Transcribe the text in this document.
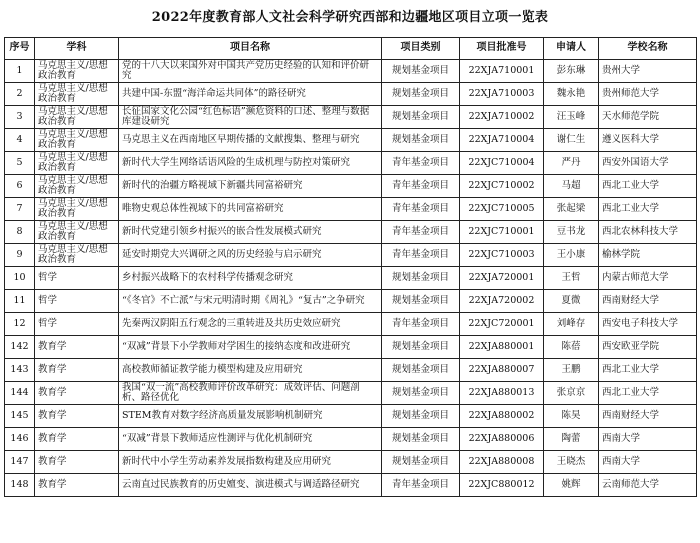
2022年度教育部人文社会科学研究西部和边疆地区项目立项一览表
序号	学科	项目名称	项目类别	项目批准号	申请人	学校名称
1	马克思主义/思想政治教育	党的十八大以来国外对中国共产党历史经验的认知和评价研究	规划基金项目	22XJA710001	彭东琳	贵州大学
2	马克思主义/思想政治教育	共建中国-东盟“海洋命运共同体”的路径研究	规划基金项目	22XJA710003	魏永艳	贵州师范大学
3	马克思主义/思想政治教育	长征国家文化公园“红色标语”濒危资料的口述、整理与数据库建设研究	规划基金项目	22XJA710002	汪玉峰	天水师范学院
4	马克思主义/思想政治教育	马克思主义在西南地区早期传播的文献搜集、整理与研究	规划基金项目	22XJA710004	谢仁生	遵义医科大学
5	马克思主义/思想政治教育	新时代大学生网络话语风险的生成机理与防控对策研究	青年基金项目	22XJC710004	严丹	西安外国语大学
6	马克思主义/思想政治教育	新时代的治疆方略视域下新疆共同富裕研究	青年基金项目	22XJC710002	马超	西北工业大学
7	马克思主义/思想政治教育	唯物史观总体性视域下的共同富裕研究	青年基金项目	22XJC710005	张起梁	西北工业大学
8	马克思主义/思想政治教育	新时代党建引领乡村振兴的嵌合性发展模式研究	青年基金项目	22XJC710001	豆书龙	西北农林科技大学
9	马克思主义/思想政治教育	延安时期党大兴调研之风的历史经验与启示研究	青年基金项目	22XJC710003	王小康	榆林学院
10	哲学	乡村振兴战略下的农村科学传播观念研究	规划基金项目	22XJA720001	王哲	内蒙古师范大学
11	哲学	“《冬官》不亡派”与宋元明清时期《周礼》“复古”之争研究	规划基金项目	22XJA720002	夏微	西南财经大学
12	哲学	先秦两汉阴阳五行观念的三重转进及共历史效应研究	青年基金项目	22XJC720001	刘峰存	西安电子科技大学
142	教育学	“双减”背景下小学教师对学困生的接纳态度和改进研究	规划基金项目	22XJA880001	陈蓓	西安欧亚学院
143	教育学	高校教师循证教学能力模型构建及应用研究	规划基金项目	22XJA880007	王鹏	西北工业大学
144	教育学	我国“双一流”高校教师评价改革研究：成效评估、问题剖析、路径优化	规划基金项目	22XJA880013	张京京	西北工业大学
145	教育学	STEM教育对数字经济高质量发展影响机制研究	规划基金项目	22XJA880002	陈昊	西南财经大学
146	教育学	“双减”背景下教师适应性测评与优化机制研究	规划基金项目	22XJA880006	陶蕾	西南大学
147	教育学	新时代中小学生劳动素养发展指数构建及应用研究	规划基金项目	22XJA880008	王晓杰	西南大学
148	教育学	云南直过民族教育的历史嬗变、演进模式与调适路径研究	青年基金项目	22XJC880012	姚辉	云南师范大学
